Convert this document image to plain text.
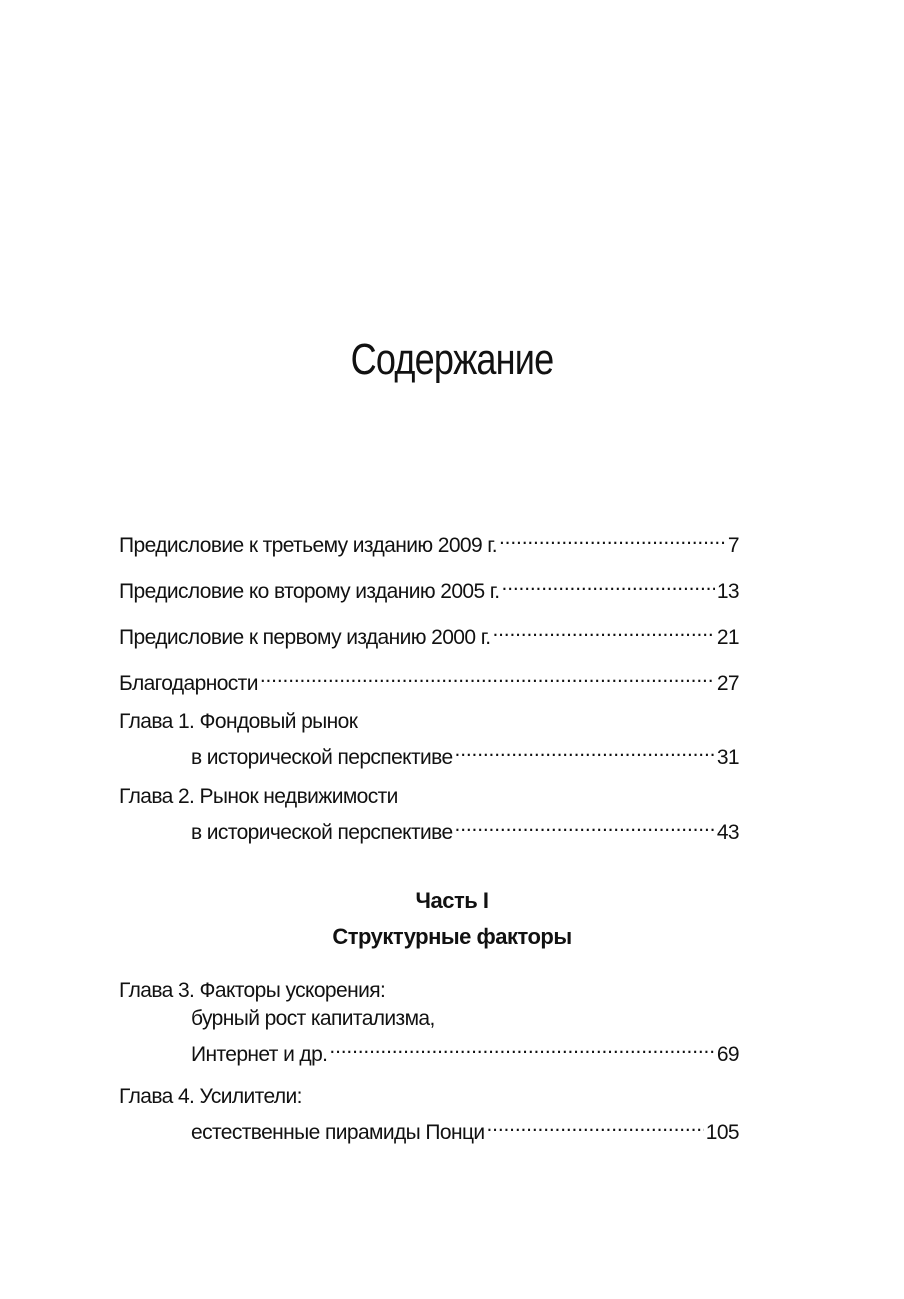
Содержание
Предисловие к третьему изданию 2009 г. . . .	7
Предисловие ко второму изданию 2005 г. . . .	13
Предисловие к первому изданию 2000 г. . . .	21
Благодарности . . .	27
Глава 1. Фондовый рынок
в исторической перспективе . . .	31
Глава 2. Рынок недвижимости
в исторической перспективе . . .	43
Глава 3. Факторы ускорения:
бурный рост капитализма,
Интернет и др. . . .	69
Глава 4. Усилители:
естественные пирамиды Понци . . .	105
Часть I
Структурные факторы
